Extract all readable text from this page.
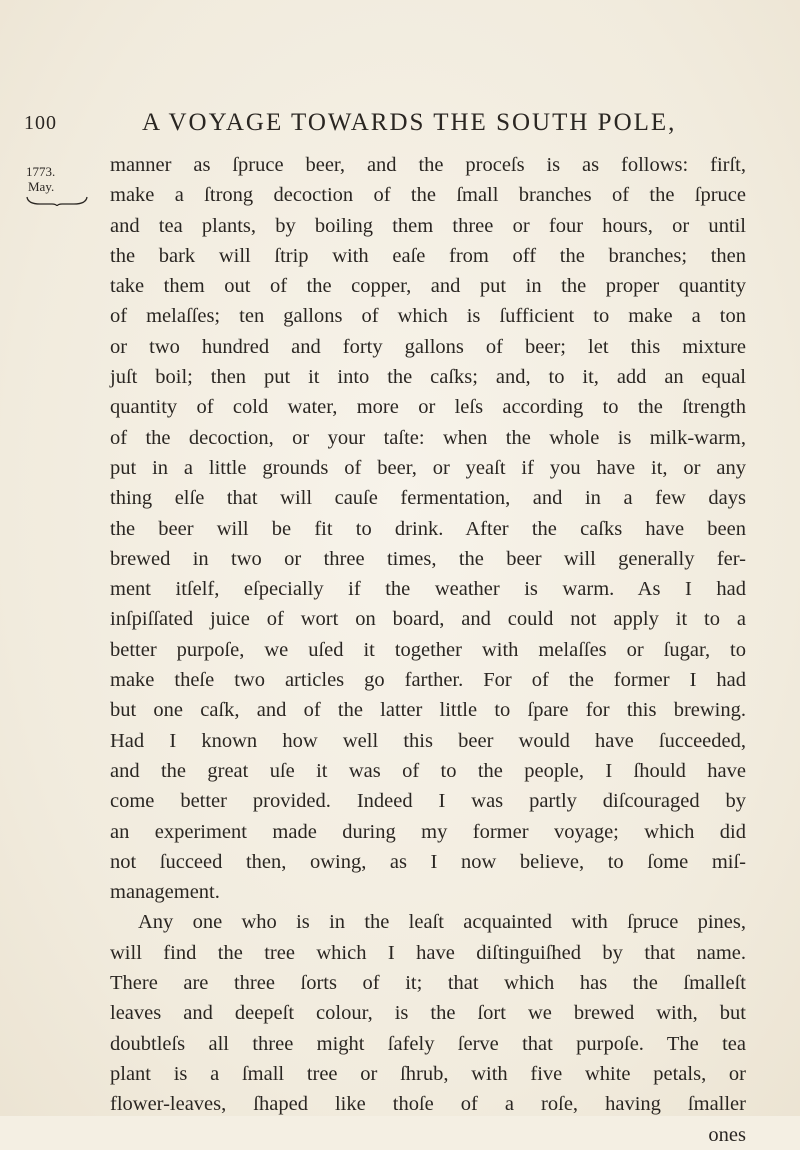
100	A VOYAGE TOWARDS THE SOUTH POLE,
1773.
May.
manner as ſpruce beer, and the proceſs is as follows: firſt,
make a ſtrong decoction of the ſmall branches of the ſpruce
and tea plants, by boiling them three or four hours, or until
the bark will ſtrip with eaſe from off the branches; then
take them out of the copper, and put in the proper quantity
of melaſſes; ten gallons of which is ſufficient to make a ton
or two hundred and forty gallons of beer; let this mixture
juſt boil; then put it into the caſks; and, to it, add an equal
quantity of cold water, more or leſs according to the ſtrength
of the decoction, or your taſte: when the whole is milk-warm,
put in a little grounds of beer, or yeaſt if you have it, or any
thing elſe that will cauſe fermentation, and in a few days
the beer will be fit to drink. After the caſks have been
brewed in two or three times, the beer will generally fer-
ment itſelf, eſpecially if the weather is warm. As I had
inſpiſſated juice of wort on board, and could not apply it to a
better purpoſe, we uſed it together with melaſſes or ſugar, to
make theſe two articles go farther. For of the former I had
but one caſk, and of the latter little to ſpare for this brewing.
Had I known how well this beer would have ſucceeded,
and the great uſe it was of to the people, I ſhould have
come better provided. Indeed I was partly diſcouraged by
an experiment made during my former voyage; which did
not ſucceed then, owing, as I now believe, to ſome miſ-
management.
Any one who is in the leaſt acquainted with ſpruce pines,
will find the tree which I have diſtinguiſhed by that name.
There are three ſorts of it; that which has the ſmalleſt
leaves and deepeſt colour, is the ſort we brewed with, but
doubtleſs all three might ſafely ſerve that purpoſe. The tea
plant is a ſmall tree or ſhrub, with five white petals, or
flower-leaves, ſhaped like thoſe of a roſe, having ſmaller
ones
